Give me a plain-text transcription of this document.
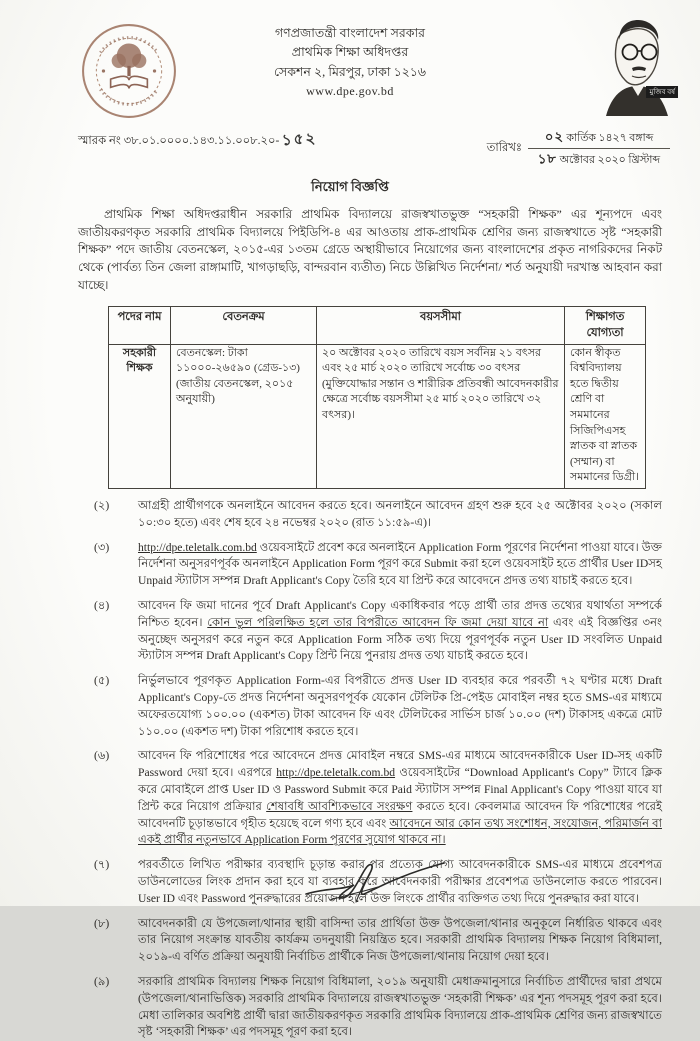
গণপ্রজাতন্ত্রী বাংলাদেশ সরকার
প্রাথমিক শিক্ষা অধিদপ্তর
সেকশন ২, মিরপুর, ঢাকা ১২১৬
www.dpe.gov.bd	মুজিব বর্ষ
স্মারক নং ৩৮.০১.০০০০.১৪৩.১১.০০৮.২০- ১৫২	তারিখঃ
০২ কার্তিক ১৪২৭ বঙ্গাব্দ
১৮ অক্টোবর ২০২০ খ্রিস্টাব্দ
নিয়োগ বিজ্ঞপ্তি

প্রাথমিক শিক্ষা অধিদপ্তরাধীন সরকারি প্রাথমিক বিদ্যালয়ে রাজস্বখাতভুক্ত “সহকারী শিক্ষক” এর শূন্যপদে এবং জাতীয়করণকৃত সরকারি প্রাথমিক বিদ্যালয়ে পিইডিপি-৪ এর আওতায় প্রাক-প্রাথমিক শ্রেণির জন্য রাজস্বখাতে সৃষ্ট “সহকারী শিক্ষক” পদে জাতীয় বেতনস্কেল, ২০১৫-এর ১৩তম গ্রেডে অস্থায়ীভাবে নিয়োগের জন্য বাংলাদেশের প্রকৃত নাগরিকদের নিকট থেকে (পার্বত্য তিন জেলা রাঙ্গামাটি, খাগড়াছড়ি, বান্দরবান ব্যতীত) নিচে উল্লিখিত নির্দেশনা/ শর্ত অনুযায়ী দরখাস্ত আহবান করা যাচ্ছে।

পদের নাম	বেতনক্রম	বয়সসীমা	শিক্ষাগত যোগ্যতা
সহকারী শিক্ষক	বেতনস্কেল: টাকা ১১০০০-২৬৫৯০ (গ্রেড-১৩) (জাতীয় বেতনস্কেল, ২০১৫ অনুযায়ী)	২০ অক্টোবর ২০২০ তারিখে বয়স সর্বনিম্ন ২১ বৎসর এবং ২৫ মার্চ ২০২০ তারিখে সর্বোচ্চ ৩০ বৎসর (মুক্তিযোদ্ধার সন্তান ও শারীরিক প্রতিবন্ধী আবেদনকারীর ক্ষেত্রে সর্বোচ্চ বয়সসীমা ২৫ মার্চ ২০২০ তারিখে ৩২ বৎসর)।	কোন স্বীকৃত বিশ্ববিদ্যালয় হতে দ্বিতীয় শ্রেণি বা সমমানের সিজিপিএসহ স্নাতক বা স্নাতক (সম্মান) বা সমমানের ডিগ্রী।
(২)	আগ্রহী প্রার্থীগণকে অনলাইনে আবেদন করতে হবে। অনলাইনে আবেদন গ্রহণ শুরু হবে ২৫ অক্টোবর ২০২০ (সকাল ১০:৩০ হতে) এবং শেষ হবে ২৪ নভেম্বর ২০২০ (রাত ১১:৫৯-এ)।
(৩)	http://dpe.teletalk.com.bd ওয়েবসাইটে প্রবেশ করে অনলাইনে Application Form পূরণের নির্দেশনা পাওয়া যাবে। উক্ত নির্দেশনা অনুসরণপূর্বক অনলাইনে Application Form পূরণ করে Submit করা হলে ওয়েবসাইট হতে প্রার্থীর User IDসহ Unpaid স্ট্যাটাস সম্পন্ন Draft Applicant's Copy তৈরি হবে যা প্রিন্ট করে আবেদনে প্রদত্ত তথ্য যাচাই করতে হবে।
(৪)	আবেদন ফি জমা দানের পূর্বে Draft Applicant's Copy একাধিকবার পড়ে প্রার্থী তার প্রদত্ত তথ্যের যথার্থতা সম্পর্কে নিশ্চিত হবেন। কোন ভুল পরিলক্ষিত হলে তার বিপরীতে আবেদন ফি জমা দেয়া যাবে না এবং এই বিজ্ঞপ্তির ৩নং অনুচ্ছেদ অনুসরণ করে নতুন করে Application Form সঠিক তথ্য দিয়ে পূরণপূর্বক নতুন User ID সংবলিত Unpaid স্ট্যাটাস সম্পন্ন Draft Applicant's Copy প্রিন্ট নিয়ে পুনরায় প্রদত্ত তথ্য যাচাই করতে হবে।
(৫)	নির্ভুলভাবে পূরণকৃত Application Form-এর বিপরীতে প্রদত্ত User ID ব্যবহার করে পরবর্তী ৭২ ঘণ্টার মধ্যে Draft Applicant's Copy-তে প্রদত্ত নির্দেশনা অনুসরণপূর্বক যেকোন টেলিটক প্রি-পেইড মোবাইল নম্বর হতে SMS-এর মাধ্যমে অফেরতযোগ্য ১০০.০০ (একশত) টাকা আবেদন ফি এবং টেলিটকের সার্ভিস চার্জ ১০.০০ (দশ) টাকাসহ একত্রে মোট ১১০.০০ (একশত দশ) টাকা পরিশোধ করতে হবে।
(৬)	আবেদন ফি পরিশোধের পরে আবেদনে প্রদত্ত মোবাইল নম্বরে SMS-এর মাধ্যমে আবেদনকারীকে User ID-সহ একটি Password দেয়া হবে। এরপরে http://dpe.teletalk.com.bd ওয়েবসাইটের “Download Applicant's Copy” ট্যাবে ক্লিক করে মোবাইলে প্রাপ্ত User ID ও Password Submit করে Paid স্ট্যাটাস সম্পন্ন Final Applicant's Copy পাওয়া যাবে যা প্রিন্ট করে নিয়োগ প্রক্রিয়ার শেষাবধি আবশ্যিকভাবে সংরক্ষণ করতে হবে। কেবলমাত্র আবেদন ফি পরিশোধের পরেই আবেদনটি চূড়ান্তভাবে গৃহীত হয়েছে বলে গণ্য হবে এবং আবেদনে আর কোন তথ্য সংশোধন, সংযোজন, পরিমার্জন বা একই প্রার্থীর নতুনভাবে Application Form পূরণের সুযোগ থাকবে না।
(৭)	পরবর্তীতে লিখিত পরীক্ষার ব্যবস্থাদি চূড়ান্ত করার পর প্রত্যেক যোগ্য আবেদনকারীকে SMS-এর মাধ্যমে প্রবেশপত্র ডাউনলোডের লিংক প্রদান করা হবে যা ব্যবহার করে আবেদনকারী পরীক্ষার প্রবেশপত্র ডাউনলোড করতে পারবেন। User ID এবং Password পুনরুদ্ধারের প্রয়োজন হলে উক্ত লিংকে প্রার্থীর ব্যক্তিগত তথ্য দিয়ে পুনরুদ্ধার করা যাবে।
(৮)	আবেদনকারী যে উপজেলা/থানার স্থায়ী বাসিন্দা তার প্রার্থিতা উক্ত উপজেলা/থানার অনুকূলে নির্ধারিত থাকবে এবং তার নিয়োগ সংক্রান্ত যাবতীয় কার্যক্রম তদনুযায়ী নিয়ন্ত্রিত হবে। সরকারী প্রাথমিক বিদ্যালয় শিক্ষক নিয়োগ বিধিমালা, ২০১৯-এ বর্ণিত প্রক্রিয়া অনুযায়ী নির্বাচিত প্রার্থীকে নিজ উপজেলা/থানায় নিয়োগ দেয়া হবে।
(৯)	সরকারি প্রাথমিক বিদ্যালয় শিক্ষক নিয়োগ বিধিমালা, ২০১৯ অনুযায়ী মেধাক্রমানুসারে নির্বাচিত প্রার্থীদের দ্বারা প্রথমে (উপজেলা/থানাভিত্তিক) সরকারি প্রাথমিক বিদ্যালয়ে রাজস্বখাতভুক্ত ‘সহকারী শিক্ষক’ এর শূন্য পদসমূহ পূরণ করা হবে। মেধা তালিকার অবশিষ্ট প্রার্থী দ্বারা জাতীয়করণকৃত সরকারি প্রাথমিক বিদ্যালয়ে প্রাক-প্রাথমিক শ্রেণির জন্য রাজস্বখাতে সৃষ্ট ‘সহকারী শিক্ষক’ এর পদসমূহ পূরণ করা হবে।
